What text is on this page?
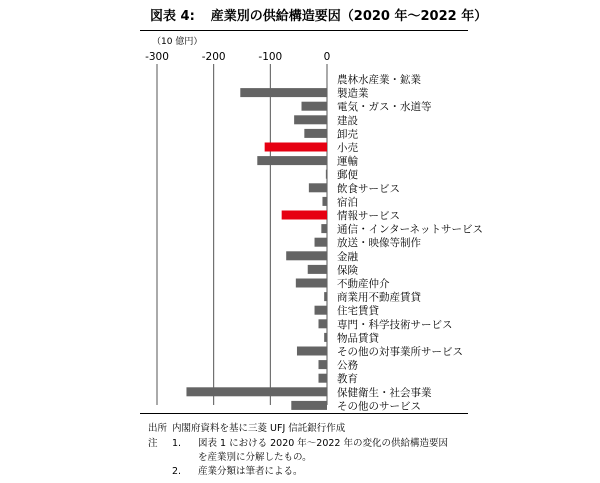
図表 4: 産業別の供給構造要因（2020 年～2022 年）
（10 億円）
-300	-200	-100	0
農林水産業・鉱業
製造業
電気・ガス・水道等
建設
卸売
小売
運輸
郵便
飲食サービス
宿泊
情報サービス
通信・インターネットサービス
放送・映像等制作
金融
保険
不動産仲介
商業用不動産賃貸
住宅賃貸
専門・科学技術サービス
物品賃貸
その他の対事業所サービス
公務
教育
保健衛生・社会事業
その他のサービス
出所 内閣府資料を基に三菱 UFJ 信託銀行作成
注 1. 図表 1 における 2020 年～2022 年の変化の供給構造要因
を産業別に分解したもの。
2. 産業分類は筆者による。
